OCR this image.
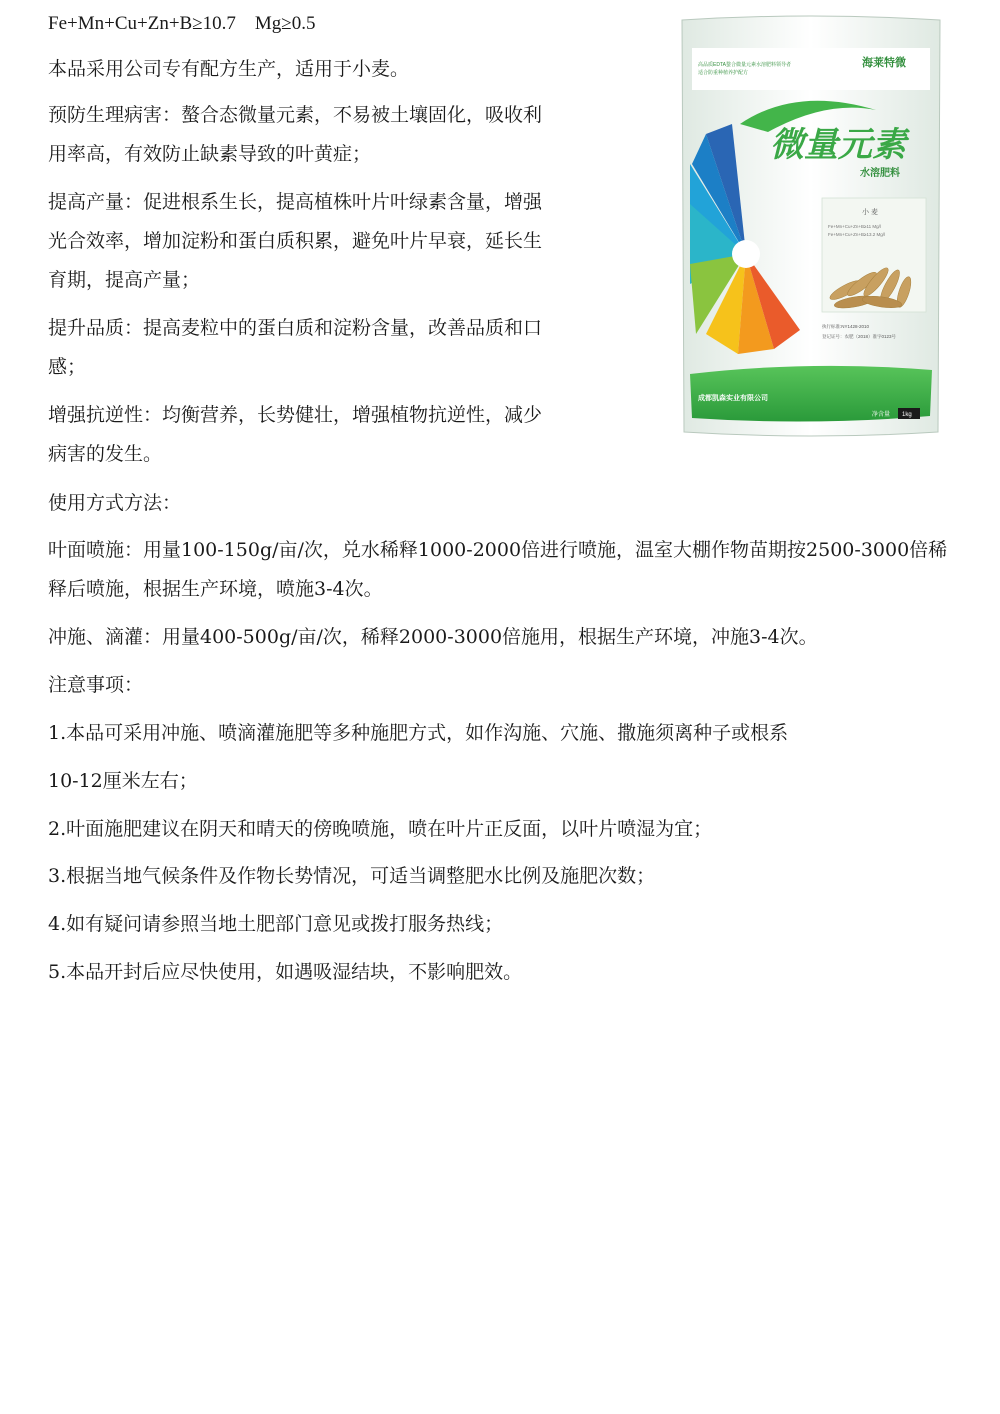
Fe+Mn+Cu+Zn+B≥10.7　Mg≥0.5

本品采用公司专有配方生产，适用于小麦。

预防生理病害：螯合态微量元素，不易被土壤固化，吸收利用率高，有效防止缺素导致的叶黄症；

提高产量：促进根系生长，提高植株叶片叶绿素含量，增强光合效率，增加淀粉和蛋白质积累，避免叶片早衰，延长生育期，提高产量；

提升品质：提高麦粒中的蛋白质和淀粉含量，改善品质和口感；

增强抗逆性：均衡营养，长势健壮，增强植物抗逆性，减少病害的发生。

使用方式方法：

叶面喷施：用量100-150g/亩/次，兑水稀释1000-2000倍进行喷施，温室大棚作物苗期按2500-3000倍稀释后喷施，根据生产环境，喷施3-4次。

冲施、滴灌：用量400-500g/亩/次，稀释2000-3000倍施用，根据生产环境，冲施3-4次。

注意事项：

1.本品可采用冲施、喷滴灌施肥等多种施肥方式，如作沟施、穴施、撒施须离种子或根系

10-12厘米左右；

2.叶面施肥建议在阴天和晴天的傍晚喷施，喷在叶片正反面，以叶片喷湿为宜；

3.根据当地气候条件及作物长势情况，可适当调整肥水比例及施肥次数；

4.如有疑问请参照当地土肥部门意见或拨打服务热线；

5.本品开封后应尽快使用，如遇吸湿结块，不影响肥效。

微量元素
水溶肥料
海莱特微
高品质EDTA螯合微量元素水溶肥料领导者
适合防重种植养护配方
小 麦
Fe+Mn+Cu+Zn+B≥11 Mg/l
Fe+Mn+Cu+Zn+B≥13.2 Mg/l
执行标准:NY1428-2010
登记证号：农肥（2018）准字0123号
成都凯森实业有限公司
净含量 1kg
